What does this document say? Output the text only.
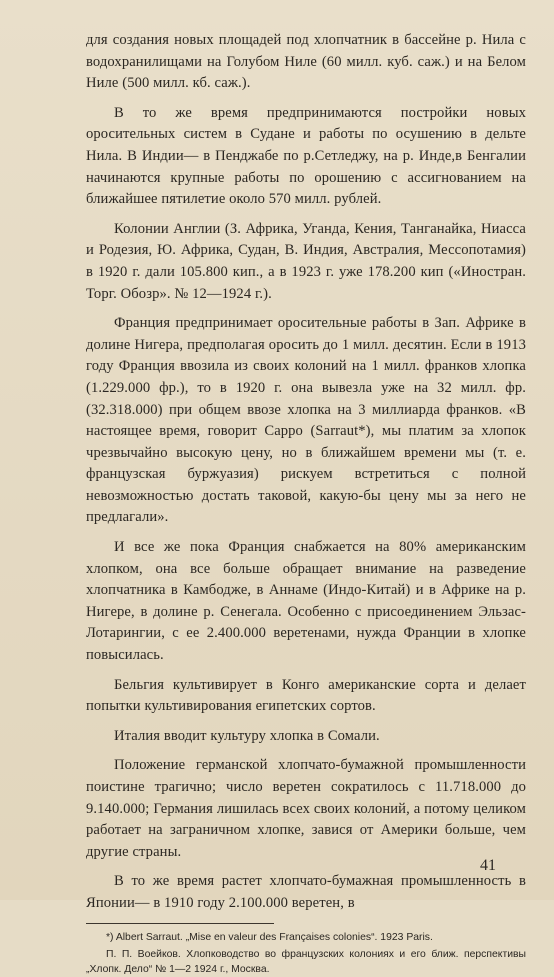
для создания новых площадей под хлопчатник в бассейне р. Нила с водохранилищами на Голубом Ниле (60 милл. куб. саж.) и на Белом Ниле (500 милл. кб. саж.).

В то же время предпринимаются постройки новых оросительных систем в Судане и работы по осушению в дельте Нила. В Индии— в Пенджабе по р.Сетледжу, на р. Инде,в Бенгалии начинаются крупные работы по орошению с ассигнованием на ближайшее пятилетие около 570 милл. рублей.

Колонии Англии (З. Африка, Уганда, Кения, Танганайка, Ниасса и Родезия, Ю. Африка, Судан, В. Индия, Австралия, Мессопотамия) в 1920 г. дали 105.800 кип., а в 1923 г. уже 178.200 кип («Иностран. Торг. Обозр». № 12—1924 г.).

Франция предпринимает оросительные работы в Зап. Африке в долине Нигера, предполагая оросить до 1 милл. десятин. Если в 1913 году Франция ввозила из своих колоний на 1 милл. франков хлопка (1.229.000 фр.), то в 1920 г. она вывезла уже на 32 милл. фр. (32.318.000) при общем ввозе хлопка на 3 миллиарда франков. «В настоящее время, говорит Сарро (Sarraut*), мы платим за хлопок чрезвычайно высокую цену, но в ближайшем времени мы (т. е. французская буржуазия) рискуем встретиться с полной невозможностью достать таковой, какую-бы цену мы за него не предлагали».

И все же пока Франция снабжается на 80% американским хлопком, она все больше обращает внимание на разведение хлопчатника в Камбодже, в Аннаме (Индо-Китай) и в Африке на р. Нигере, в долине р. Сенегала. Особенно с присоединением Эльзас-Лотарингии, с ее 2.400.000 веретенами, нужда Франции в хлопке повысилась.

Бельгия культивирует в Конго американские сорта и делает попытки культивирования египетских сортов.

Италия вводит культуру хлопка в Сомали.

Положение германской хлопчато-бумажной промышленности поистине трагично; число веретен сократилось с 11.718.000 до 9.140.000; Германия лишилась всех своих колоний, а потому целиком работает на заграничном хлопке, завися от Америки больше, чем другие страны.

В то же время растет хлопчато-бумажная промышленность в Японии— в 1910 году 2.100.000 веретен, в

*) Albert Sarraut. „Mise en valeur des Françaises colonies“. 1923 Paris.

П. П. Воейков. Хлопководство во французских колониях и его ближ. перспективы „Хлопк. Дело“ № 1—2 1924 г., Москва.

41
